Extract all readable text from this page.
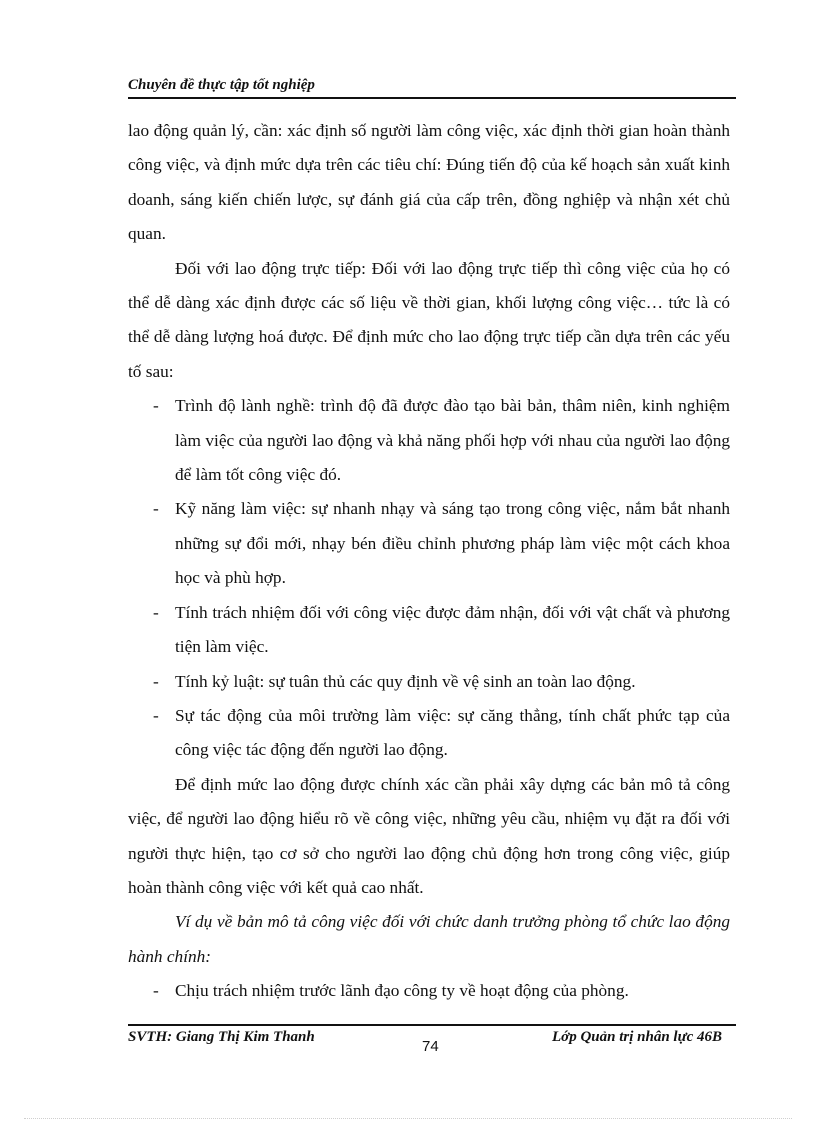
Chuyên đề thực tập tốt nghiệp

lao động quản lý, cần: xác định số người làm công việc, xác định thời gian hoàn thành công việc, và định mức dựa trên các tiêu chí: Đúng tiến độ của kế hoạch sản xuất kinh doanh, sáng kiến chiến lược, sự đánh giá của cấp trên, đồng nghiệp và nhận xét chủ quan.

Đối với lao động trực tiếp: Đối với lao động trực tiếp thì công việc của họ có thể dễ dàng xác định được các số liệu về thời gian, khối lượng công việc… tức là có thể dễ dàng lượng hoá được. Để định mức cho lao động trực tiếp cần dựa trên các yếu tố sau:

- Trình độ lành nghề: trình độ đã được đào tạo bài bản, thâm niên, kinh nghiệm làm việc của người lao động và khả năng phối hợp với nhau của người lao động để làm tốt công việc đó.
- Kỹ năng làm việc: sự nhanh nhạy và sáng tạo trong công việc, nắm bắt nhanh những sự đổi mới, nhạy bén điều chỉnh phương pháp làm việc một cách khoa học và phù hợp.
- Tính trách nhiệm đối với công việc được đảm nhận, đối với vật chất và phương tiện làm việc.
- Tính kỷ luật: sự tuân thủ các quy định về vệ sinh an toàn lao động.
- Sự tác động của môi trường làm việc: sự căng thẳng, tính chất phức tạp của công việc tác động đến người lao động.

Để định mức lao động được chính xác cần phải xây dựng các bản mô tả công việc, để người lao động hiểu rõ về công việc, những yêu cầu, nhiệm vụ đặt ra đối với người thực hiện, tạo cơ sở cho người lao động chủ động hơn trong công việc, giúp hoàn thành công việc với kết quả cao nhất.

Ví dụ về bản mô tả công việc đối với chức danh trưởng phòng tổ chức lao động hành chính:

- Chịu trách nhiệm trước lãnh đạo công ty về hoạt động của phòng.
SVTH: Giang Thị Kim Thanh
74
Lớp Quản trị nhân lực 46B
